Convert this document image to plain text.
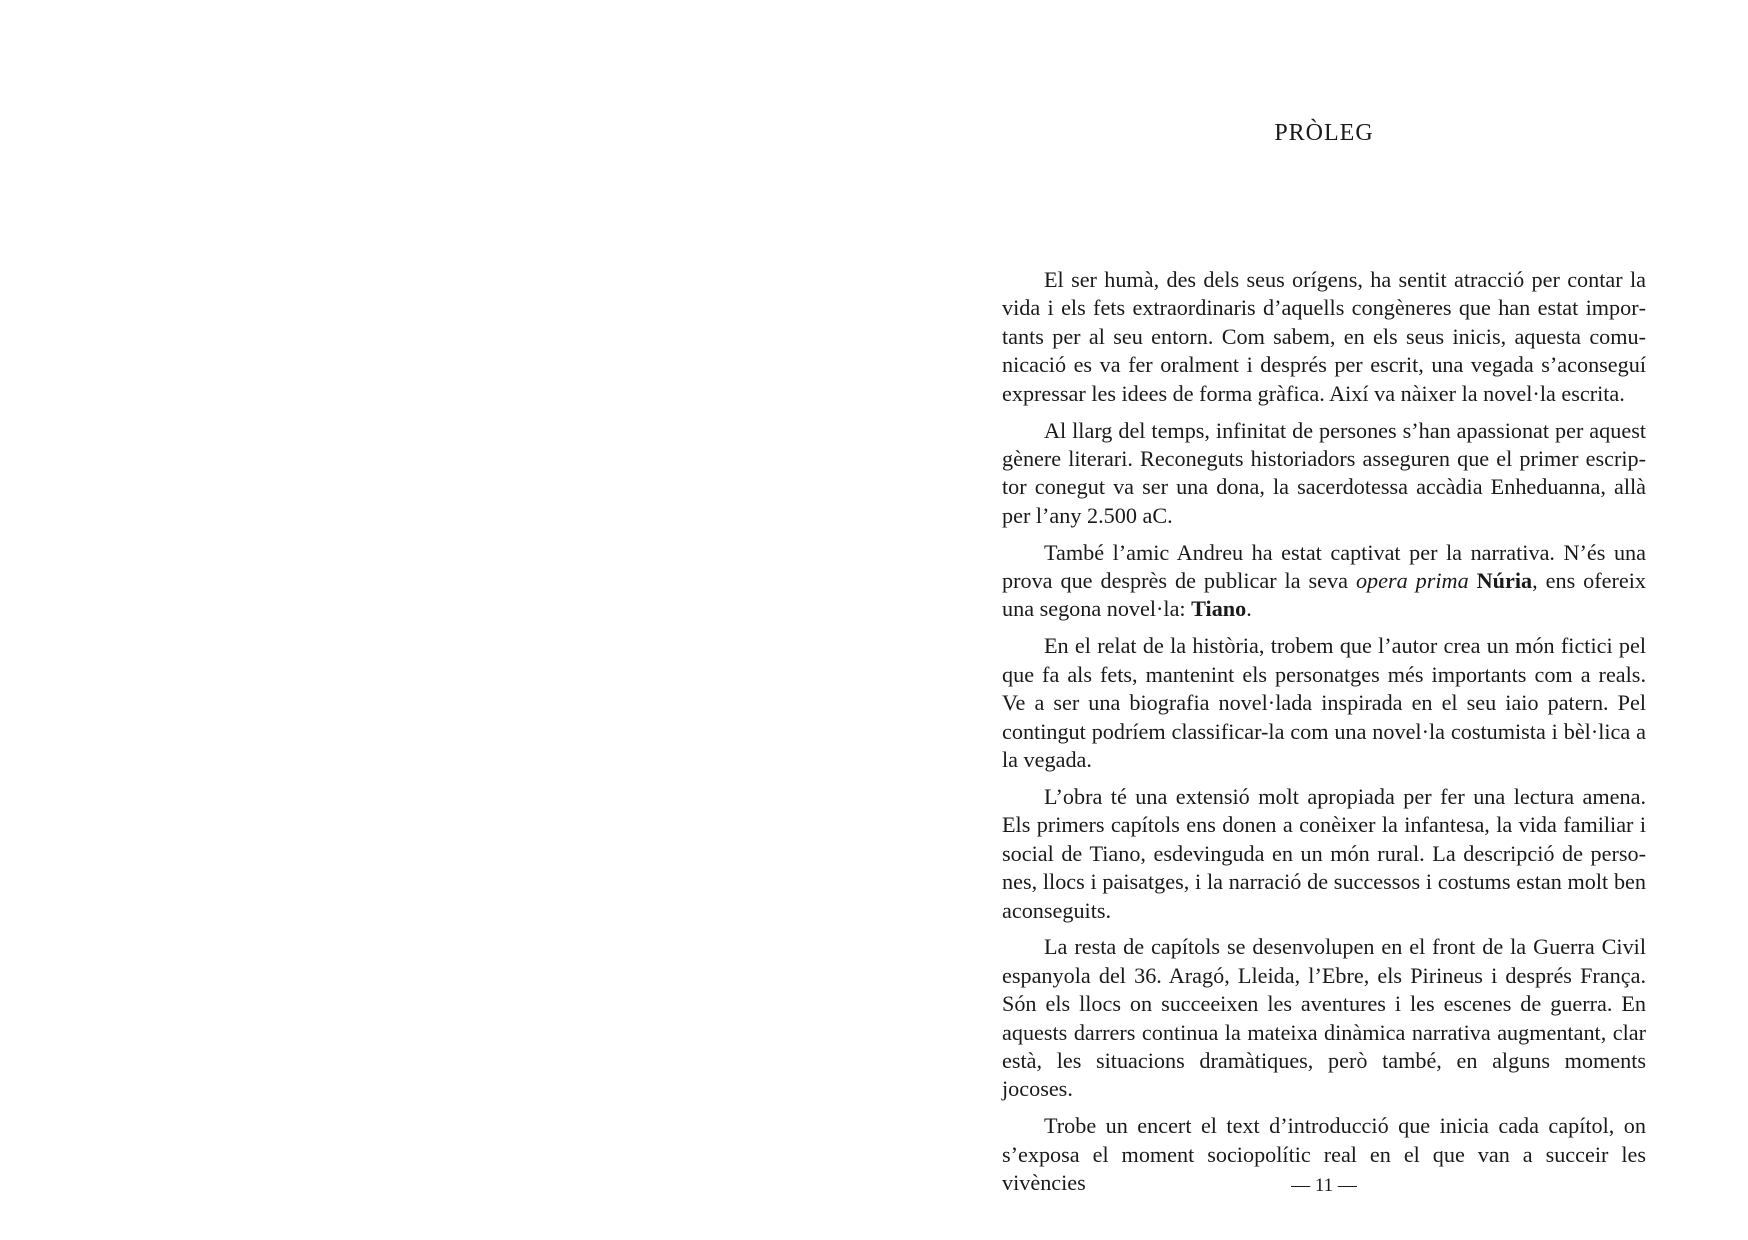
PRÒLEG

El ser humà, des dels seus orígens, ha sentit atracció per contar la vida i els fets extraordinaris d’aquells congèneres que han estat importants per al seu entorn. Com sabem, en els seus inicis, aquesta comunicació es va fer oralment i després per escrit, una vegada s’aconseguí expressar les idees de forma gràfica. Així va nàixer la novel·la escrita.

Al llarg del temps, infinitat de persones s’han apassionat per aquest gènere literari. Reconeguts historiadors asseguren que el primer escriptor conegut va ser una dona, la sacerdotessa accàdia Enheduanna, allà per l’any 2.500 aC.

També l’amic Andreu ha estat captivat per la narrativa. N’és una prova que desprès de publicar la seva opera prima Núria, ens ofereix una segona novel·la: Tiano.

En el relat de la història, trobem que l’autor crea un món fictici pel que fa als fets, mantenint els personatges més importants com a reals. Ve a ser una biografia novel·lada inspirada en el seu iaio patern. Pel contingut podríem classificar-la com una novel·la costumista i bèl·lica a la vegada.

L’obra té una extensió molt apropiada per fer una lectura amena. Els primers capítols ens donen a conèixer la infantesa, la vida familiar i social de Tiano, esdevinguda en un món rural. La descripció de persones, llocs i paisatges, i la narració de successos i costums estan molt ben aconseguits.

La resta de capítols se desenvolupen en el front de la Guerra Civil espanyola del 36. Aragó, Lleida, l’Ebre, els Pirineus i després França. Són els llocs on succeeixen les aventures i les escenes de guerra. En aquests darrers continua la mateixa dinàmica narrativa augmentant, clar està, les situacions dramàtiques, però també, en alguns moments jocoses.

Trobe un encert el text d’introducció que inicia cada capítol, on s’exposa el moment sociopolític real en el que van a succeir les vivències	— 11 —
